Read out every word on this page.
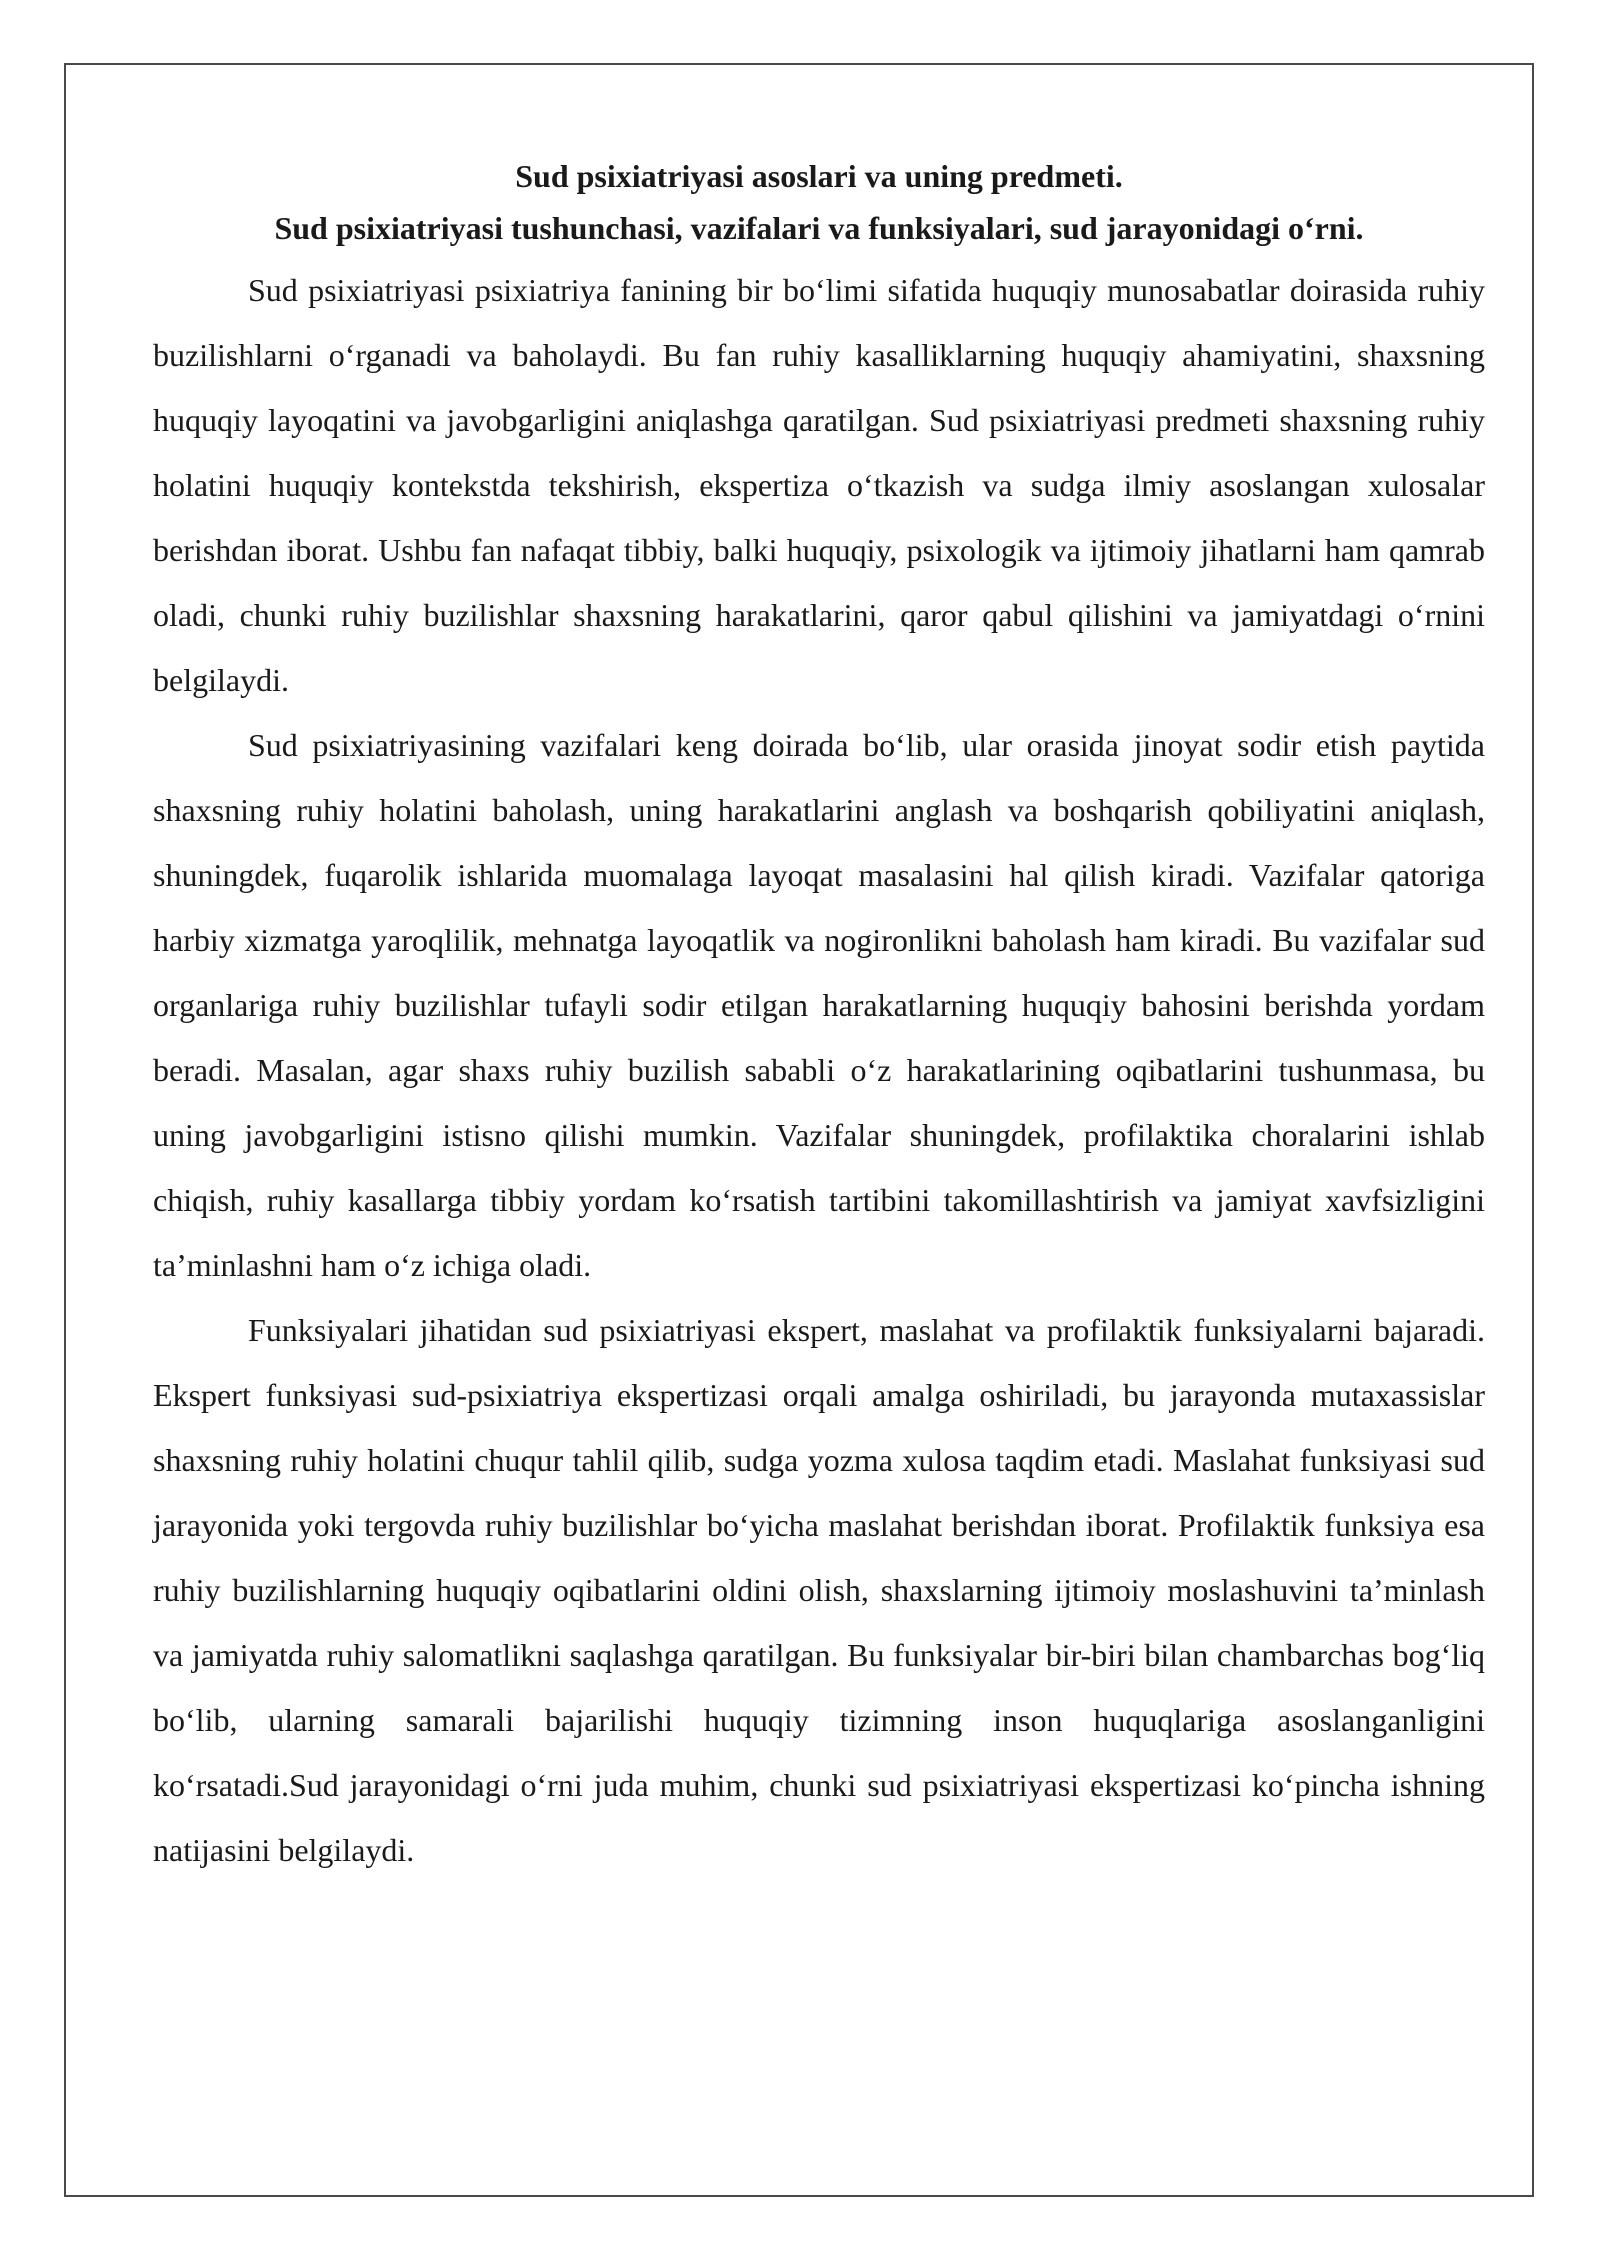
Sud psixiatriyasi asoslari va uning predmeti.

Sud psixiatriyasi tushunchasi, vazifalari va funksiyalari, sud jarayonidagi o‘rni.

Sud psixiatriyasi psixiatriya fanining bir bo‘limi sifatida huquqiy munosabatlar doirasida ruhiy buzilishlarni o‘rganadi va baholaydi. Bu fan ruhiy kasalliklarning huquqiy ahamiyatini, shaxsning huquqiy layoqatini va javobgarligini aniqlashga qaratilgan. Sud psixiatriyasi predmeti shaxsning ruhiy holatini huquqiy kontekstda tekshirish, ekspertiza o‘tkazish va sudga ilmiy asoslangan xulosalar berishdan iborat. Ushbu fan nafaqat tibbiy, balki huquqiy, psixologik va ijtimoiy jihatlarni ham qamrab oladi, chunki ruhiy buzilishlar shaxsning harakatlarini, qaror qabul qilishini va jamiyatdagi o‘rnini belgilaydi.

Sud psixiatriyasining vazifalari keng doirada bo‘lib, ular orasida jinoyat sodir etish paytida shaxsning ruhiy holatini baholash, uning harakatlarini anglash va boshqarish qobiliyatini aniqlash, shuningdek, fuqarolik ishlarida muomalaga layoqat masalasini hal qilish kiradi. Vazifalar qatoriga harbiy xizmatga yaroqlilik, mehnatga layoqatlik va nogironlikni baholash ham kiradi. Bu vazifalar sud organlariga ruhiy buzilishlar tufayli sodir etilgan harakatlarning huquqiy bahosini berishda yordam beradi. Masalan, agar shaxs ruhiy buzilish sababli o‘z harakatlarining oqibatlarini tushunmasa, bu uning javobgarligini istisno qilishi mumkin. Vazifalar shuningdek, profilaktika choralarini ishlab chiqish, ruhiy kasallarga tibbiy yordam ko‘rsatish tartibini takomillashtirish va jamiyat xavfsizligini ta’minlashni ham o‘z ichiga oladi.

Funksiyalari jihatidan sud psixiatriyasi ekspert, maslahat va profilaktik funksiyalarni bajaradi. Ekspert funksiyasi sud-psixiatriya ekspertizasi orqali amalga oshiriladi, bu jarayonda mutaxassislar shaxsning ruhiy holatini chuqur tahlil qilib, sudga yozma xulosa taqdim etadi. Maslahat funksiyasi sud jarayonida yoki tergovda ruhiy buzilishlar bo‘yicha maslahat berishdan iborat. Profilaktik funksiya esa ruhiy buzilishlarning huquqiy oqibatlarini oldini olish, shaxslarning ijtimoiy moslashuvini ta’minlash va jamiyatda ruhiy salomatlikni saqlashga qaratilgan. Bu funksiyalar bir-biri bilan chambarchas bog‘liq bo‘lib, ularning samarali bajarilishi huquqiy tizimning inson huquqlariga asoslanganligini ko‘rsatadi.Sud jarayonidagi o‘rni juda muhim, chunki sud psixiatriyasi ekspertizasi ko‘pincha ishning natijasini belgilaydi.
